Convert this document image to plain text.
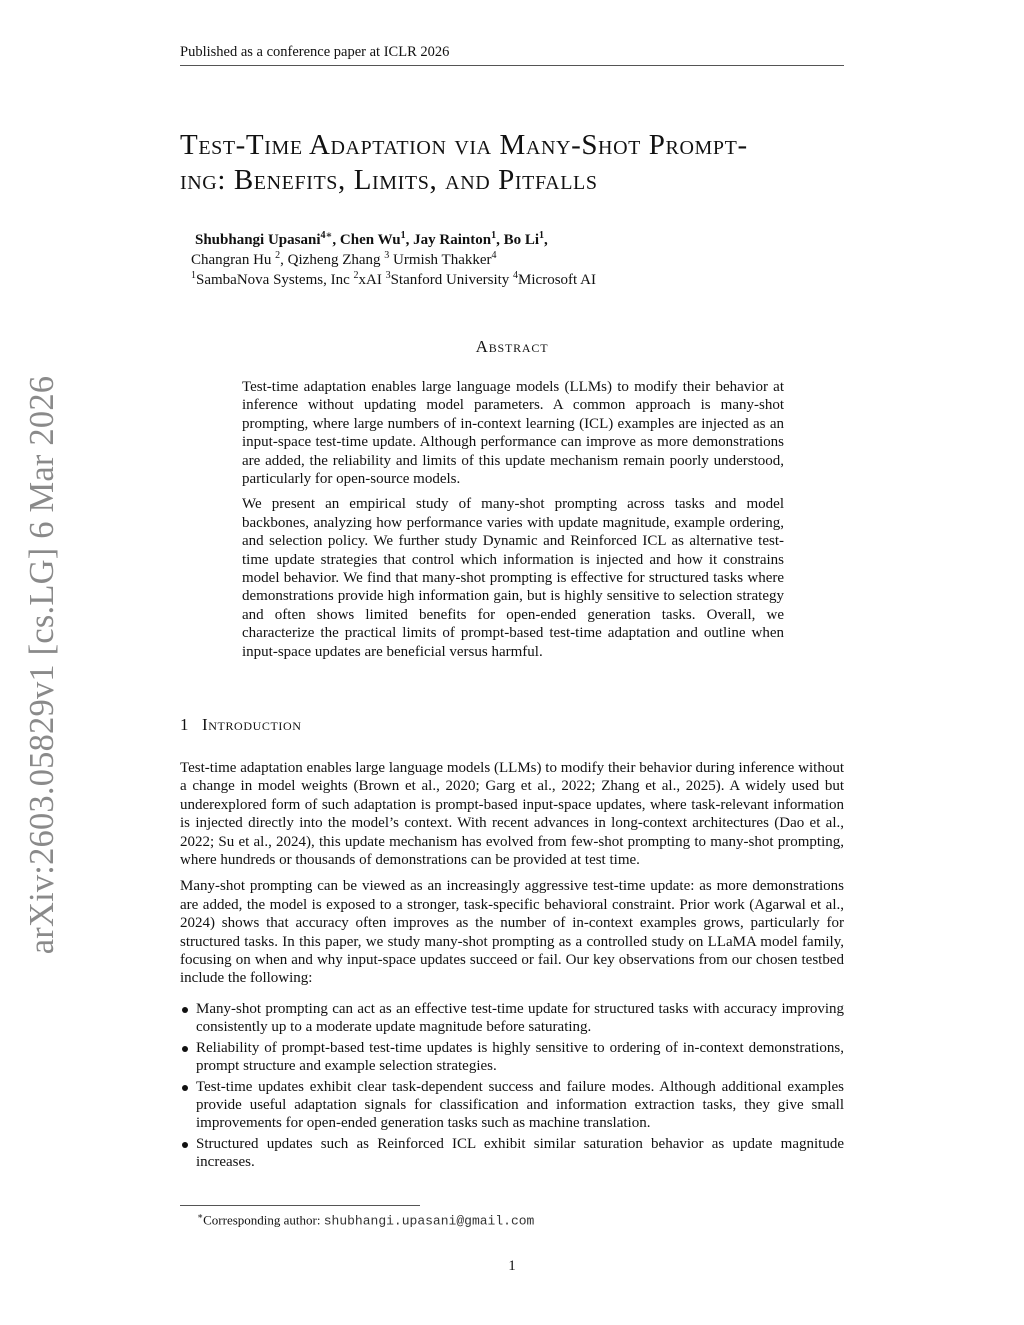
Published as a conference paper at ICLR 2026
arXiv:2603.05829v1 [cs.LG] 6 Mar 2026
Test-Time Adaptation via Many-Shot Prompt-
ing: Benefits, Limits, and Pitfalls
Shubhangi Upasani$^{4∗}$, Chen Wu$^1$, Jay Rainton$^1$, Bo Li$^1$,
Changran Hu $^2$, Qizheng Zhang $^3$ Urmish Thakker$^4$
$^1$SambaNova Systems, Inc $^2$xAI $^3$Stanford University $^4$Microsoft AI
Abstract

Test-time adaptation enables large language models (LLMs) to modify their behavior at inference without updating model parameters. A common approach is many-shot prompting, where large numbers of in-context learning (ICL) examples are injected as an input-space test-time update. Although performance can improve as more demonstrations are added, the reliability and limits of this update mechanism remain poorly understood, particularly for open-source models.

We present an empirical study of many-shot prompting across tasks and model backbones, analyzing how performance varies with update magnitude, example ordering, and selection policy. We further study Dynamic and Reinforced ICL as alternative test-time update strategies that control which information is injected and how it constrains model behavior. We find that many-shot prompting is effective for structured tasks where demonstrations provide high information gain, but is highly sensitive to selection strategy and often shows limited benefits for open-ended generation tasks. Overall, we characterize the practical limits of prompt-based test-time adaptation and outline when input-space updates are beneficial versus harmful.

1 Introduction

Test-time adaptation enables large language models (LLMs) to modify their behavior during inference without a change in model weights (Brown et al., 2020; Garg et al., 2022; Zhang et al., 2025). A widely used but underexplored form of such adaptation is prompt-based input-space updates, where task-relevant information is injected directly into the model’s context. With recent advances in long-context architectures (Dao et al., 2022; Su et al., 2024), this update mechanism has evolved from few-shot prompting to many-shot prompting, where hundreds or thousands of demonstrations can be provided at test time.

Many-shot prompting can be viewed as an increasingly aggressive test-time update: as more demonstrations are added, the model is exposed to a stronger, task-specific behavioral constraint. Prior work (Agarwal et al., 2024) shows that accuracy often improves as the number of in-context examples grows, particularly for structured tasks. In this paper, we study many-shot prompting as a controlled study on LLaMA model family, focusing on when and why input-space updates succeed or fail. Our key observations from our chosen testbed include the following:

Many-shot prompting can act as an effective test-time update for structured tasks with accuracy improving consistently up to a moderate update magnitude before saturating.
Reliability of prompt-based test-time updates is highly sensitive to ordering of in-context demonstrations, prompt structure and example selection strategies.
Test-time updates exhibit clear task-dependent success and failure modes. Although additional examples provide useful adaptation signals for classification and information extraction tasks, they give small improvements for open-ended generation tasks such as machine translation.
Structured updates such as Reinforced ICL exhibit similar saturation behavior as update magnitude increases.
∗Corresponding author: shubhangi.upasani@gmail.com
1
